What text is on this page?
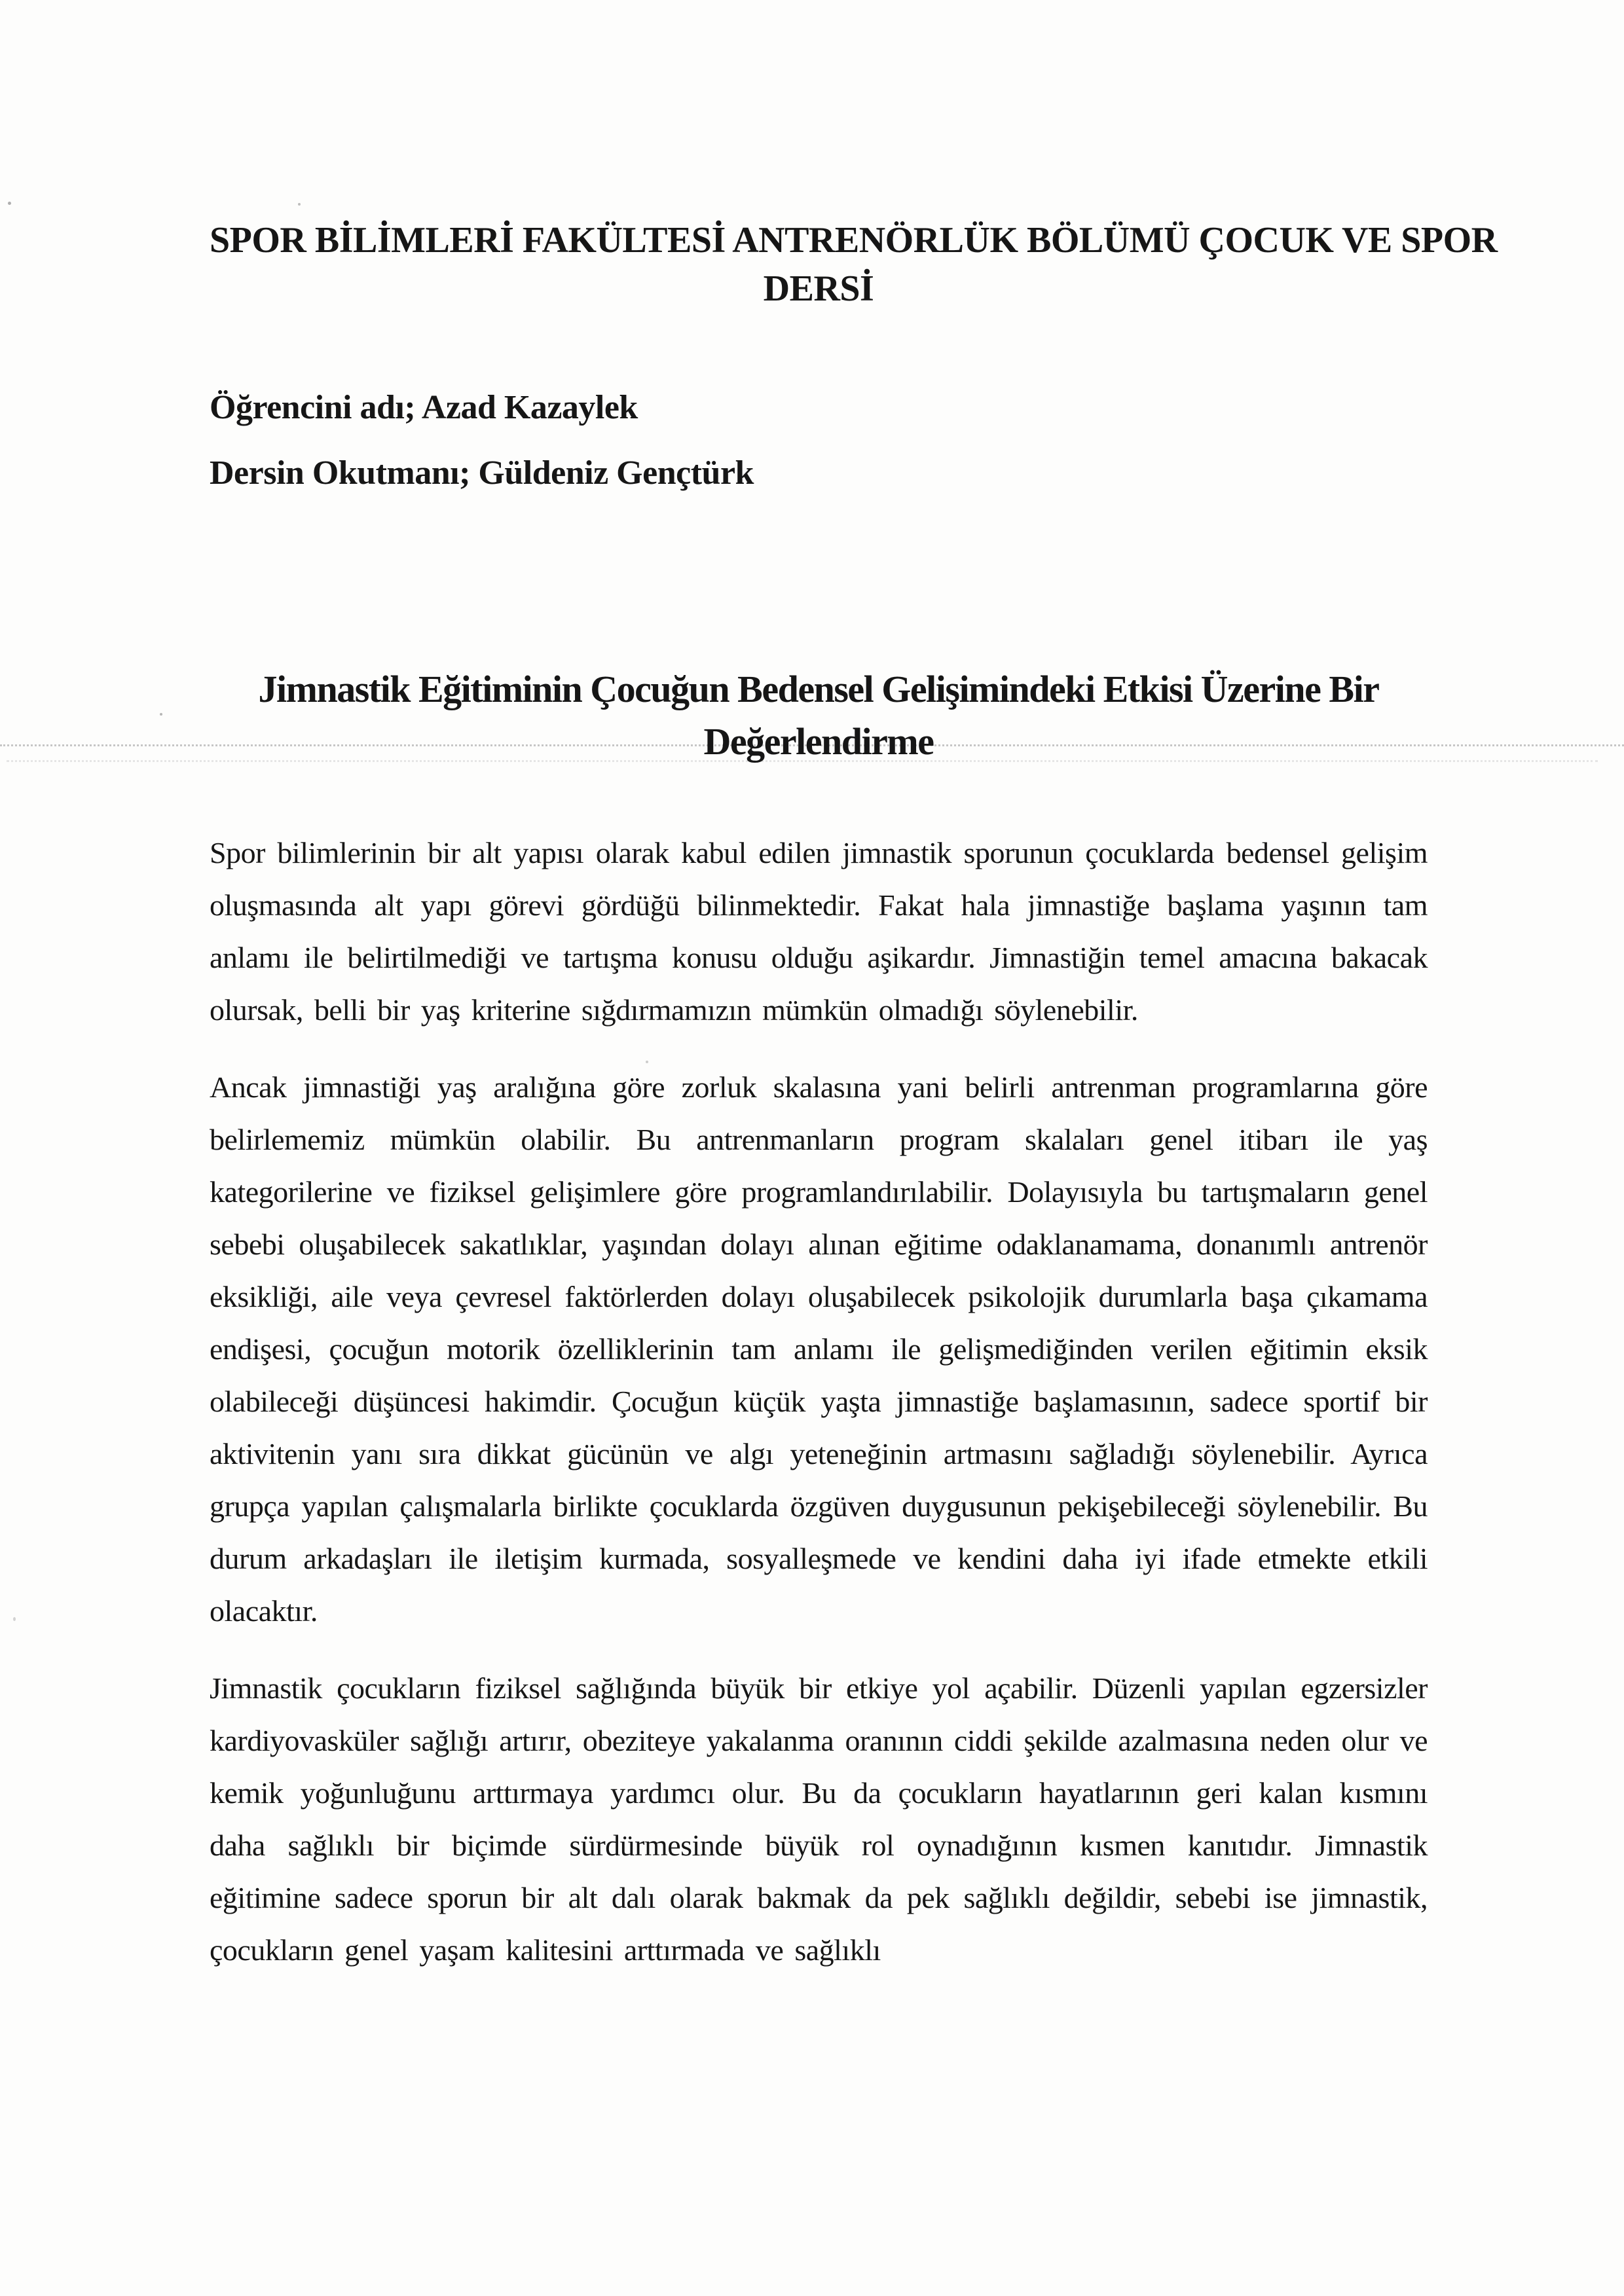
SPOR BİLİMLERİ FAKÜLTESİ ANTRENÖRLÜK BÖLÜMÜ ÇOCUK VE SPOR
DERSİ
Öğrencini adı; Azad Kazaylek
Dersin Okutmanı; Güldeniz Gençtürk
Jimnastik Eğitiminin Çocuğun Bedensel Gelişimindeki Etkisi Üzerine Bir
Değerlendirme

Spor bilimlerinin bir alt yapısı olarak kabul edilen jimnastik sporunun çocuklarda bedensel gelişim oluşmasında alt yapı görevi gördüğü bilinmektedir. Fakat hala jimnastiğe başlama yaşının tam anlamı ile belirtilmediği ve tartışma konusu olduğu aşikardır. Jimnastiğin temel amacına bakacak olursak, belli bir yaş kriterine sığdırmamızın mümkün olmadığı söylenebilir.

Ancak jimnastiği yaş aralığına göre zorluk skalasına yani belirli antrenman programlarına göre belirlememiz mümkün olabilir. Bu antrenmanların program skalaları genel itibarı ile yaş kategorilerine ve fiziksel gelişimlere göre programlandırılabilir. Dolayısıyla bu tartışmaların genel sebebi oluşabilecek sakatlıklar, yaşından dolayı alınan eğitime odaklanamama, donanımlı antrenör eksikliği, aile veya çevresel faktörlerden dolayı oluşabilecek psikolojik durumlarla başa çıkamama endişesi, çocuğun motorik özelliklerinin tam anlamı ile gelişmediğinden verilen eğitimin eksik olabileceği düşüncesi hakimdir. Çocuğun küçük yaşta jimnastiğe başlamasının, sadece sportif bir aktivitenin yanı sıra dikkat gücünün ve algı yeteneğinin artmasını sağladığı söylenebilir. Ayrıca grupça yapılan çalışmalarla birlikte çocuklarda özgüven duygusunun pekişebileceği söylenebilir. Bu durum arkadaşları ile iletişim kurmada, sosyalleşmede ve kendini daha iyi ifade etmekte etkili olacaktır.

Jimnastik çocukların fiziksel sağlığında büyük bir etkiye yol açabilir. Düzenli yapılan egzersizler kardiyovasküler sağlığı artırır, obeziteye yakalanma oranının ciddi şekilde azalmasına neden olur ve kemik yoğunluğunu arttırmaya yardımcı olur. Bu da çocukların hayatlarının geri kalan kısmını daha sağlıklı bir biçimde sürdürmesinde büyük rol oynadığının kısmen kanıtıdır. Jimnastik eğitimine sadece sporun bir alt dalı olarak bakmak da pek sağlıklı değildir, sebebi ise jimnastik, çocukların genel yaşam kalitesini arttırmada ve sağlıklı
